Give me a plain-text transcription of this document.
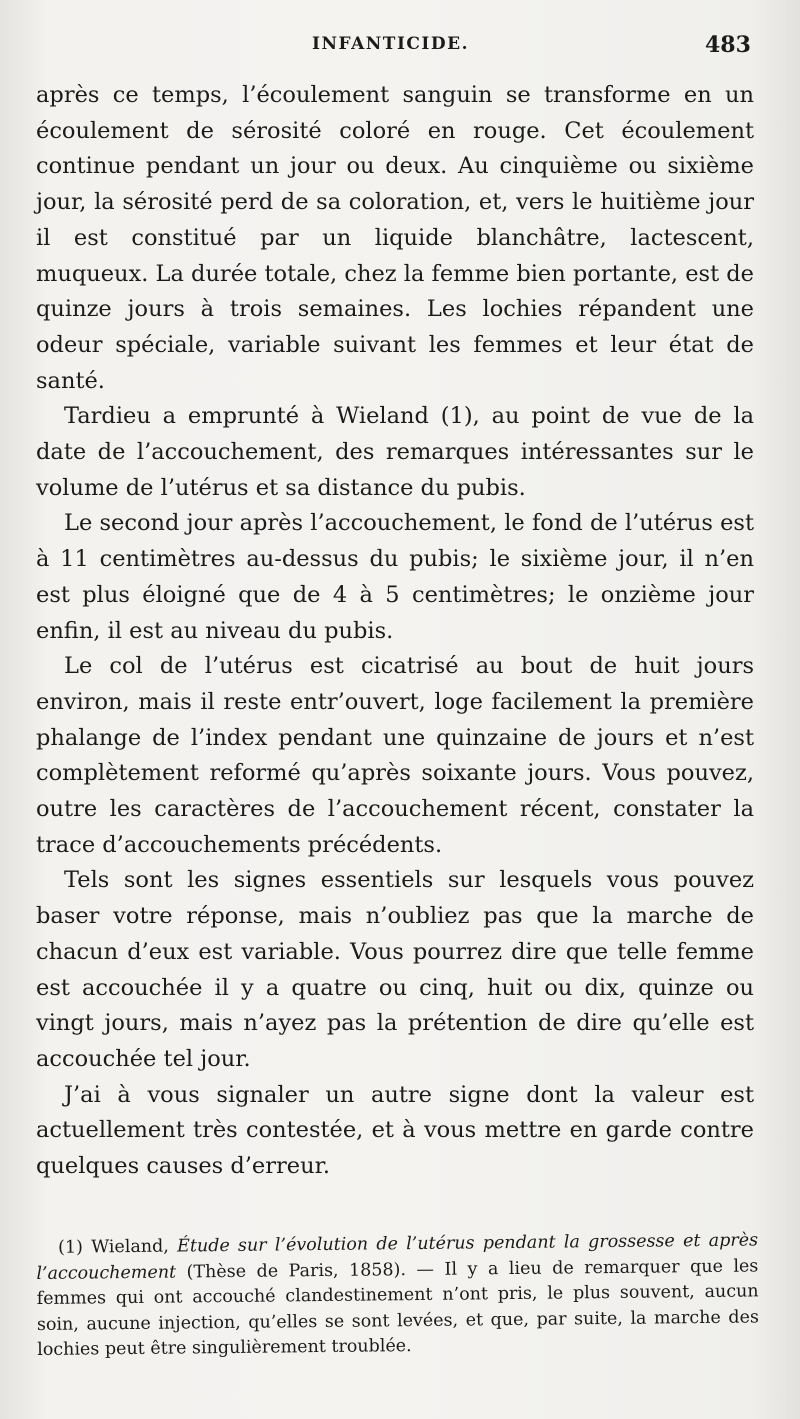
INFANTICIDE.	483

après ce temps, l’écoulement sanguin se transforme en un écoulement de sérosité coloré en rouge. Cet écoulement continue pendant un jour ou deux. Au cinquième ou sixième jour, la sérosité perd de sa coloration, et, vers le huitième jour il est constitué par un liquide blanchâtre, lactescent, muqueux. La durée totale, chez la femme bien portante, est de quinze jours à trois semaines. Les lochies répandent une odeur spéciale, variable suivant les femmes et leur état de santé.

Tardieu a emprunté à Wieland (1), au point de vue de la date de l’accouchement, des remarques intéressantes sur le volume de l’utérus et sa distance du pubis.

Le second jour après l’accouchement, le fond de l’utérus est à 11 centimètres au-dessus du pubis; le sixième jour, il n’en est plus éloigné que de 4 à 5 centimètres; le onzième jour enfin, il est au niveau du pubis.

Le col de l’utérus est cicatrisé au bout de huit jours environ, mais il reste entr’ouvert, loge facilement la première phalange de l’index pendant une quinzaine de jours et n’est complètement reformé qu’après soixante jours. Vous pouvez, outre les caractères de l’accouchement récent, constater la trace d’accouchements précédents.

Tels sont les signes essentiels sur lesquels vous pouvez baser votre réponse, mais n’oubliez pas que la marche de chacun d’eux est variable. Vous pourrez dire que telle femme est accouchée il y a quatre ou cinq, huit ou dix, quinze ou vingt jours, mais n’ayez pas la prétention de dire qu’elle est accouchée tel jour.

J’ai à vous signaler un autre signe dont la valeur est actuellement très contestée, et à vous mettre en garde contre quelques causes d’erreur.

(1) Wieland, Étude sur l’évolution de l’utérus pendant la grossesse et après l’accouchement (Thèse de Paris, 1858). — Il y a lieu de remarquer que les femmes qui ont accouché clandestinement n’ont pris, le plus souvent, aucun soin, aucune injection, qu’elles se sont levées, et que, par suite, la marche des lochies peut être singulièrement troublée.
